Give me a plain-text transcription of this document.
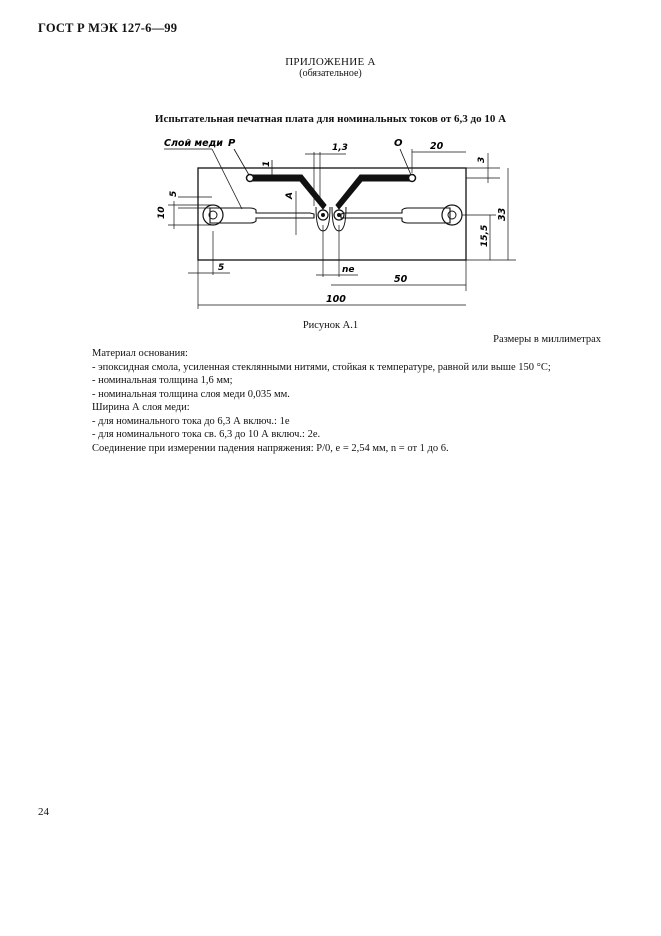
ГОСТ Р МЭК 127-6—99
ПРИЛОЖЕНИЕ А
(обязательное)
Испытательная печатная плата для номинальных токов от 6,3 до 10 А
Слой меди P	O
1
1,3	20
3
33
15,5
5
10
A
5	ne
50
100
Рисунок А.1
Размеры в миллиметрах
Материал основания:
- эпоксидная смола, усиленная стеклянными нитями, стойкая к температуре, равной или выше 150 °С;
- номинальная толщина 1,6 мм;
- номинальная толщина слоя меди 0,035 мм.
Ширина А слоя меди:
- для номинального тока до 6,3 А включ.: 1е
- для номинального тока св. 6,3 до 10 А включ.: 2е.
Соединение при измерении падения напряжения: Р/0, е = 2,54 мм, n = от 1 до 6.
24
